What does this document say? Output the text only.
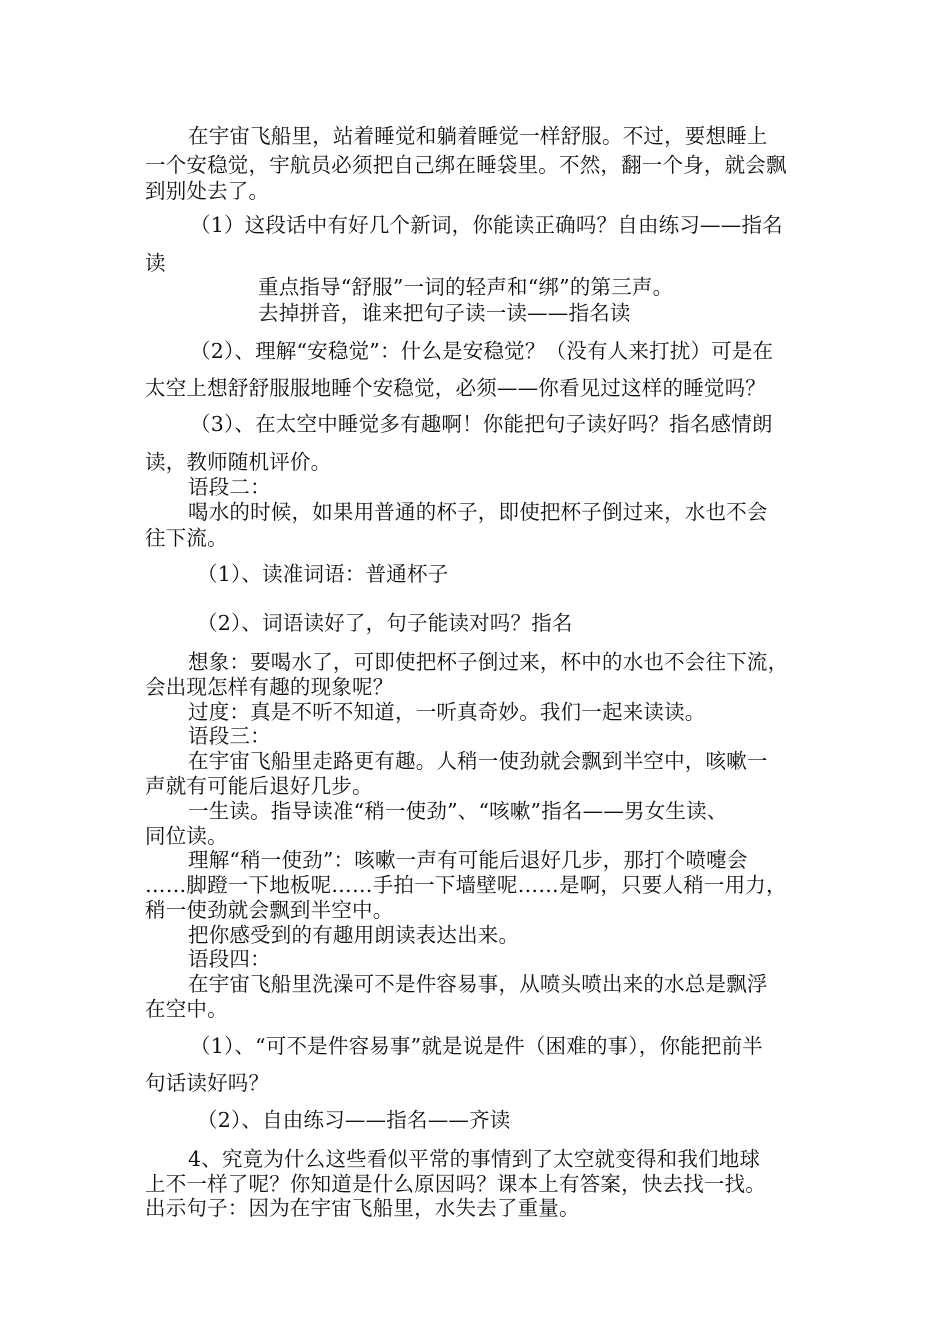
在宇宙飞船里，站着睡觉和躺着睡觉一样舒服。不过，要想睡上
一个安稳觉，宇航员必须把自己绑在睡袋里。不然，翻一个身，就会飘
到别处去了。
（1）这段话中有好几个新词，你能读正确吗？自由练习——指名
读
重点指导“舒服”一词的轻声和“绑”的第三声。
去掉拼音，谁来把句子读一读——指名读
（2）、理解“安稳觉”：什么是安稳觉？（没有人来打扰）可是在
太空上想舒舒服服地睡个安稳觉，必须——你看见过这样的睡觉吗？
（3）、在太空中睡觉多有趣啊！你能把句子读好吗？指名感情朗
读，教师随机评价。
语段二：
喝水的时候，如果用普通的杯子，即使把杯子倒过来，水也不会
往下流。
（1）、读准词语：普通杯子
（2）、词语读好了，句子能读对吗？指名
想象：要喝水了，可即使把杯子倒过来，杯中的水也不会往下流，
会出现怎样有趣的现象呢？
过度：真是不听不知道，一听真奇妙。我们一起来读读。
语段三：
在宇宙飞船里走路更有趣。人稍一使劲就会飘到半空中，咳嗽一
声就有可能后退好几步。
一生读。指导读准“稍一使劲”、“咳嗽”指名——男女生读、
同位读。
理解“稍一使劲”：咳嗽一声有可能后退好几步，那打个喷嚏会
……脚蹬一下地板呢……手拍一下墙壁呢……是啊，只要人稍一用力，
稍一使劲就会飘到半空中。
把你感受到的有趣用朗读表达出来。
语段四：
在宇宙飞船里洗澡可不是件容易事，从喷头喷出来的水总是飘浮
在空中。
（1）、“可不是件容易事”就是说是件（困难的事），你能把前半
句话读好吗？
（2）、自由练习——指名——齐读
4、究竟为什么这些看似平常的事情到了太空就变得和我们地球
上不一样了呢？你知道是什么原因吗？课本上有答案，快去找一找。
出示句子：因为在宇宙飞船里，水失去了重量。
